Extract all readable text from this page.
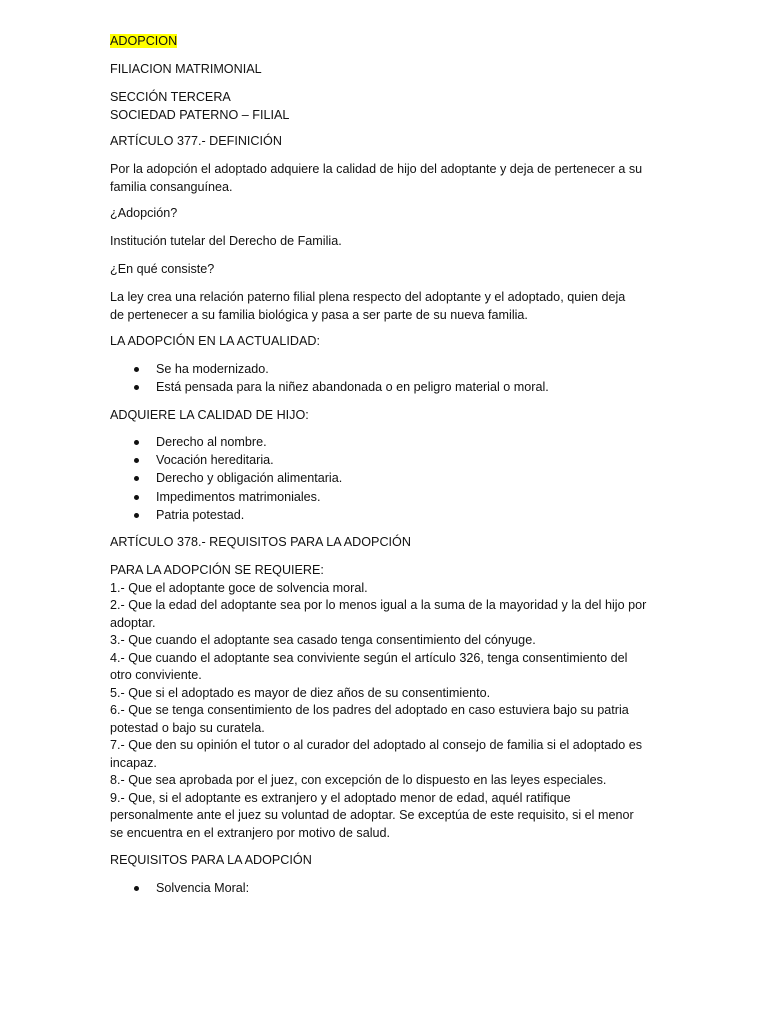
ADOPCION

FILIACION MATRIMONIAL

SECCIÓN TERCERA
SOCIEDAD PATERNO – FILIAL

ARTÍCULO 377.- DEFINICIÓN

Por la adopción el adoptado adquiere la calidad de hijo del adoptante y deja de pertenecer a su
familia consanguínea.

¿Adopción?

Institución tutelar del Derecho de Familia.

¿En qué consiste?

La ley crea una relación paterno filial plena respecto del adoptante y el adoptado, quien deja
de pertenecer a su familia biológica y pasa a ser parte de su nueva familia.

LA ADOPCIÓN EN LA ACTUALIDAD:

Se ha modernizado.
Está pensada para la niñez abandonada o en peligro material o moral.

ADQUIERE LA CALIDAD DE HIJO:

Derecho al nombre.
Vocación hereditaria.
Derecho y obligación alimentaria.
Impedimentos matrimoniales.
Patria potestad.

ARTÍCULO 378.- REQUISITOS PARA LA ADOPCIÓN

PARA LA ADOPCIÓN SE REQUIERE:
1.- Que el adoptante goce de solvencia moral.
2.- Que la edad del adoptante sea por lo menos igual a la suma de la mayoridad y la del hijo por
adoptar.
3.- Que cuando el adoptante sea casado tenga consentimiento del cónyuge.
4.- Que cuando el adoptante sea conviviente según el artículo 326, tenga consentimiento del
otro conviviente.
5.- Que si el adoptado es mayor de diez años de su consentimiento.
6.- Que se tenga consentimiento de los padres del adoptado en caso estuviera bajo su patria
potestad o bajo su curatela.
7.- Que den su opinión el tutor o al curador del adoptado al consejo de familia si el adoptado es
incapaz.
8.- Que sea aprobada por el juez, con excepción de lo dispuesto en las leyes especiales.
9.- Que, si el adoptante es extranjero y el adoptado menor de edad, aquél ratifique
personalmente ante el juez su voluntad de adoptar. Se exceptúa de este requisito, si el menor
se encuentra en el extranjero por motivo de salud.

REQUISITOS PARA LA ADOPCIÓN

Solvencia Moral:
